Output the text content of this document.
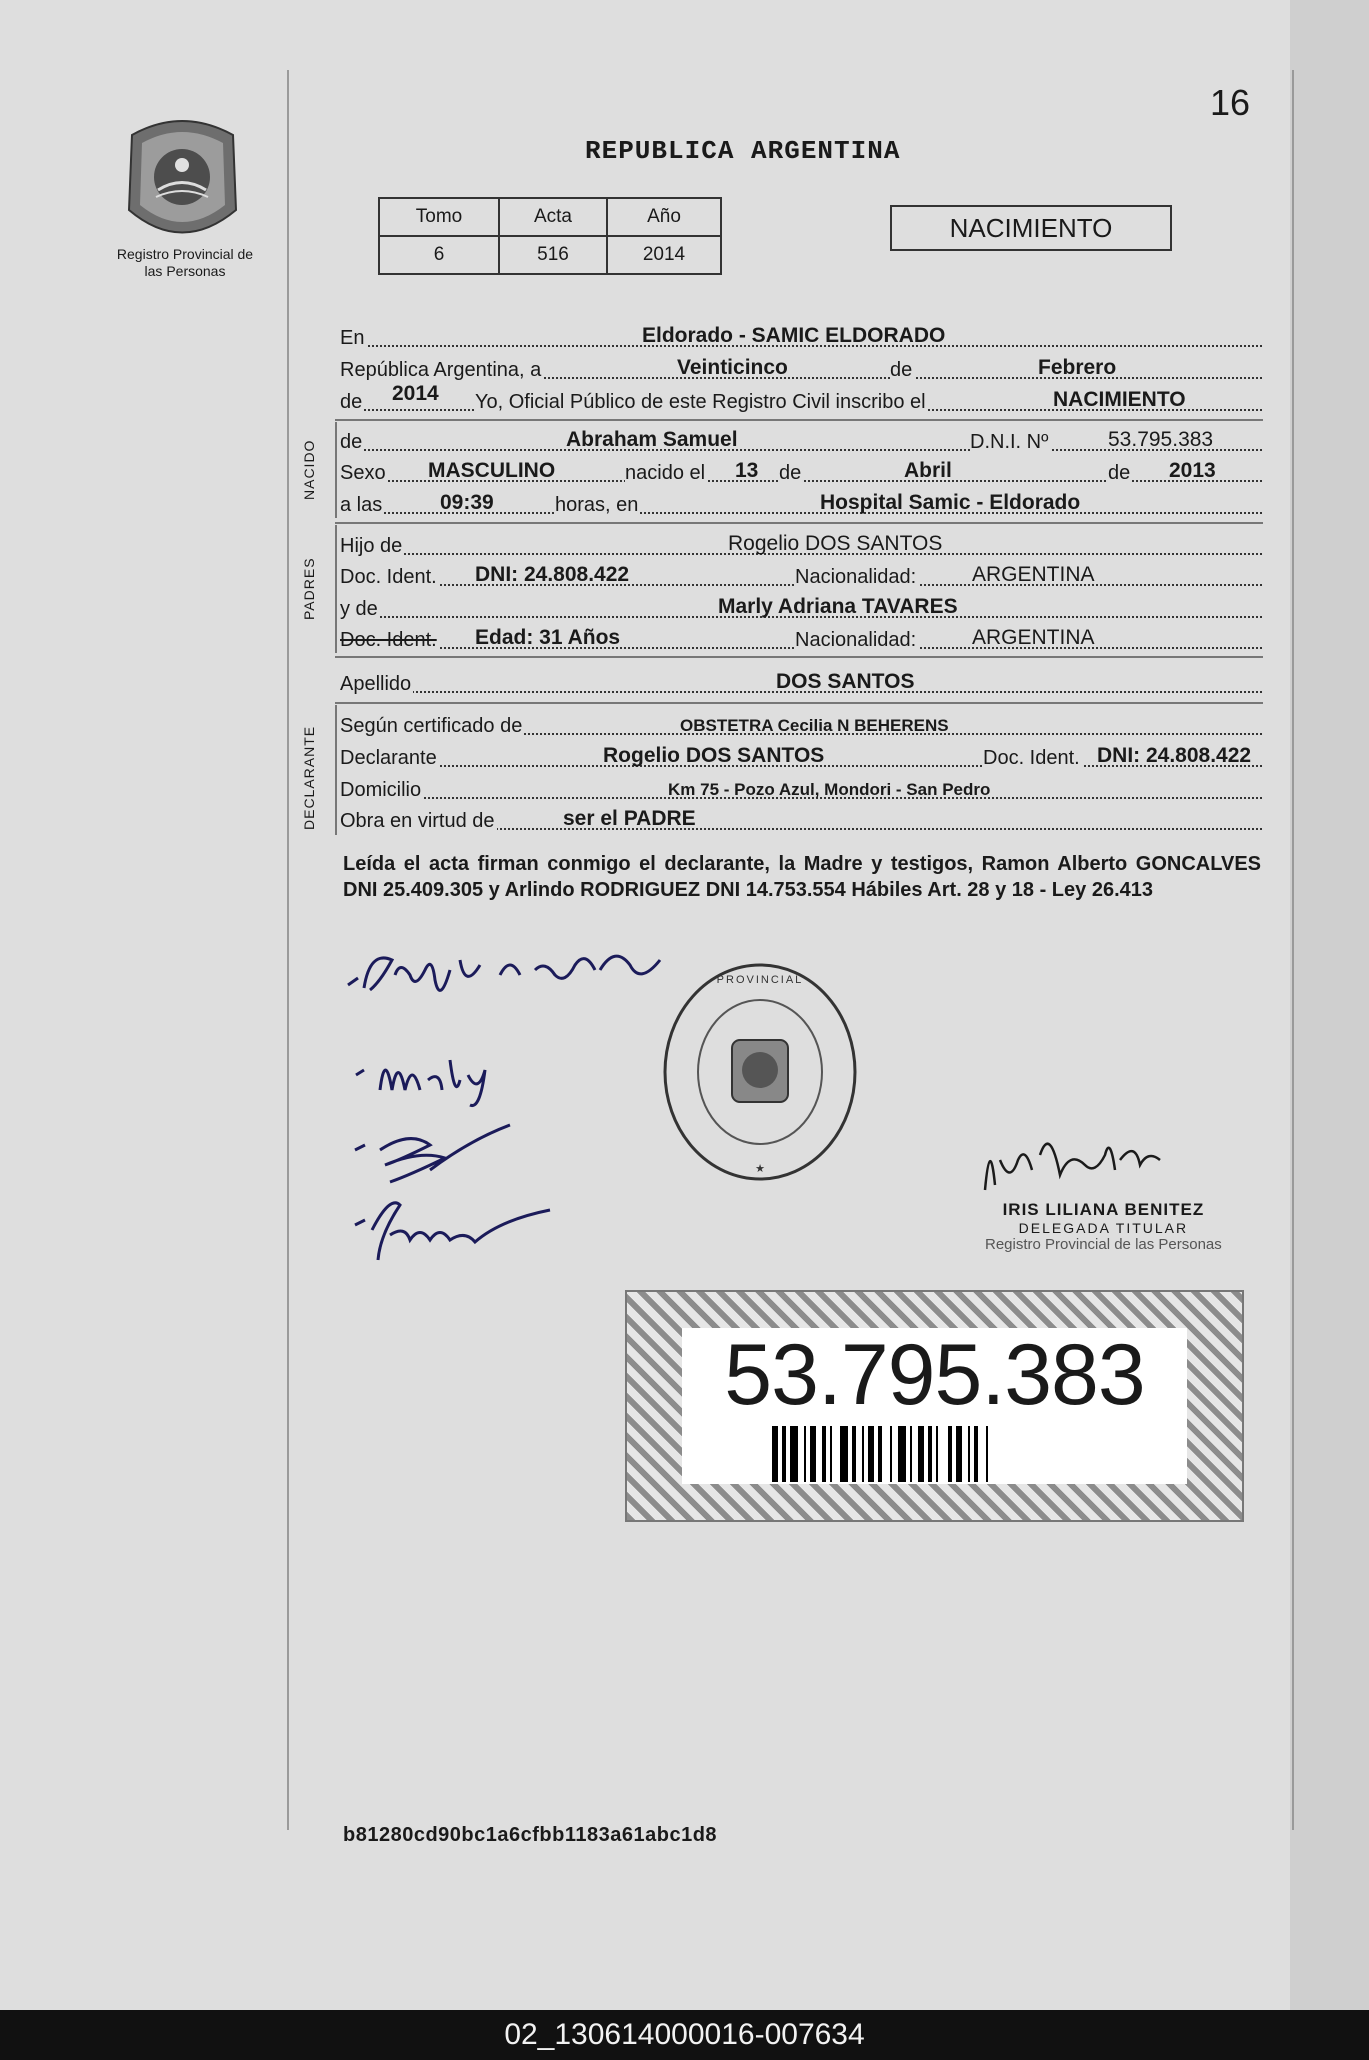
16
Registro Provincial de las Personas
REPUBLICA ARGENTINA
Tomo	Acta	Año
6	516	2014
NACIMIENTO
En	Eldorado - SAMIC ELDORADO
República Argentina, a	Veinticinco	de	Febrero
de 2014 Yo, Oficial Público de este Registro Civil inscribo el	NACIMIENTO
NACIDO de	Abraham Samuel	D.N.I. Nº	53.795.383
Sexo MASCULINO	nacido el 13 de	Abril	de 2013
a las	09:39	horas, en	Hospital Samic - Eldorado
PADRES
Hijo de	Rogelio DOS SANTOS
Doc. Ident. DNI: 24.808.422	Nacionalidad:	ARGENTINA
y de	Marly Adriana TAVARES
Doc. Ident. Edad: 31 Años	Nacionalidad:	ARGENTINA
Apellido	DOS SANTOS
DECLARANTE Según certificado de	OBSTETRA Cecilia N BEHERENS
Declarante	Rogelio DOS SANTOS	Doc. Ident. DNI: 24.808.422
Domicilio	Km 75 - Pozo Azul, Mondori - San Pedro
Obra en virtud de	ser el PADRE
Leída el acta firman conmigo el declarante, la Madre y testigos, Ramon Alberto GONCALVES DNI 25.409.305 y Arlindo RODRIGUEZ DNI 14.753.554 Hábiles Art. 28 y 18 - Ley 26.413
PROVINCIAL
★
IRIS LILIANA BENITEZ
DELEGADA TITULAR
Registro Provincial de las Personas
53.795.383
b81280cd90bc1a6cfbb1183a61abc1d8
02_130614000016-007634
